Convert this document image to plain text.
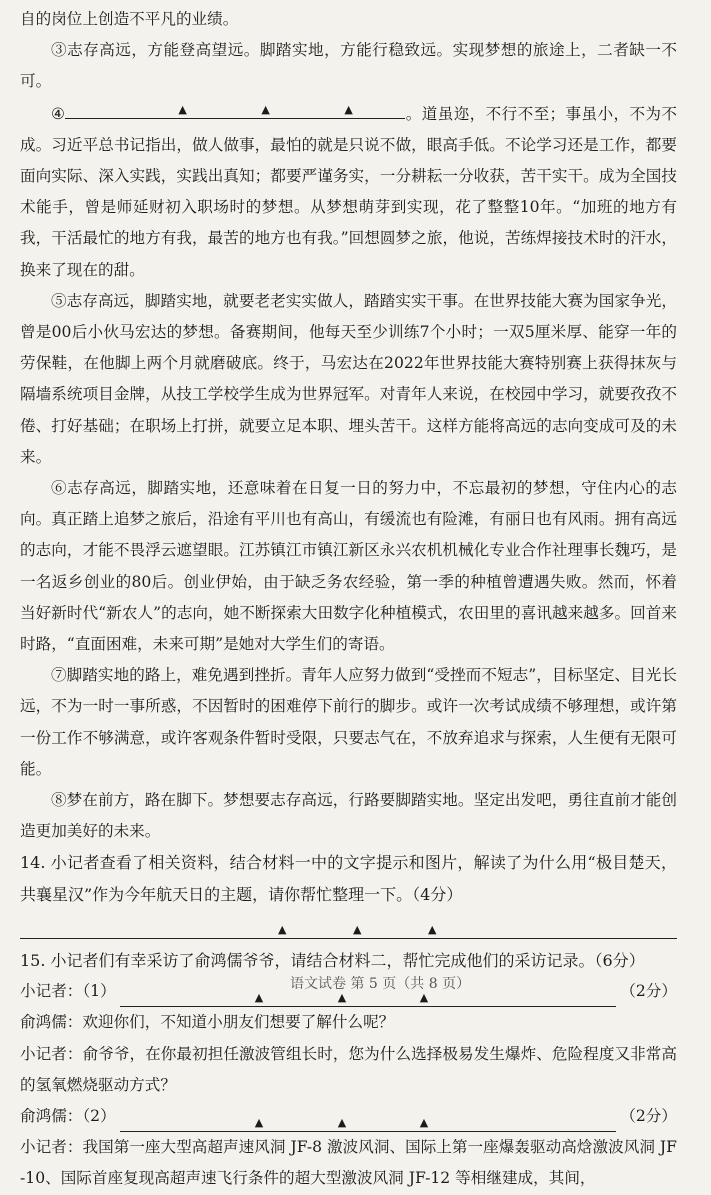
自的岗位上创造不平凡的业绩。

③志存高远，方能登高望远。脚踏实地，方能行稳致远。实现梦想的旅途上，二者缺一不可。

④	▲	▲	▲	。道虽迩，不行不至；事虽小，不为不成。习近平总书记指出，做人做事，最怕的就是只说不做，眼高手低。不论学习还是工作，都要面向实际、深入实践，实践出真知；都要严谨务实，一分耕耘一分收获，苦干实干。成为全国技术能手，曾是师延财初入职场时的梦想。从梦想萌芽到实现，花了整整10年。“加班的地方有我，干活最忙的地方有我，最苦的地方也有我。”回想圆梦之旅，他说，苦练焊接技术时的汗水，换来了现在的甜。

⑤志存高远，脚踏实地，就要老老实实做人，踏踏实实干事。在世界技能大赛为国家争光，曾是00后小伙马宏达的梦想。备赛期间，他每天至少训练7个小时；一双5厘米厚、能穿一年的劳保鞋，在他脚上两个月就磨破底。终于，马宏达在2022年世界技能大赛特别赛上获得抹灰与隔墙系统项目金牌，从技工学校学生成为世界冠军。对青年人来说，在校园中学习，就要孜孜不倦、打好基础；在职场上打拼，就要立足本职、埋头苦干。这样方能将高远的志向变成可及的未来。

⑥志存高远，脚踏实地，还意味着在日复一日的努力中，不忘最初的梦想，守住内心的志向。真正踏上追梦之旅后，沿途有平川也有高山，有缓流也有险滩，有丽日也有风雨。拥有高远的志向，才能不畏浮云遮望眼。江苏镇江市镇江新区永兴农机机械化专业合作社理事长魏巧，是一名返乡创业的80后。创业伊始，由于缺乏务农经验，第一季的种植曾遭遇失败。然而，怀着当好新时代“新农人”的志向，她不断探索大田数字化种植模式，农田里的喜讯越来越多。回首来时路，“直面困难，未来可期”是她对大学生们的寄语。

⑦脚踏实地的路上，难免遇到挫折。青年人应努力做到“受挫而不短志”，目标坚定、目光长远，不为一时一事所惑，不因暂时的困难停下前行的脚步。或许一次考试成绩不够理想，或许第一份工作不够满意，或许客观条件暂时受限，只要志气在，不放弃追求与探索，人生便有无限可能。

⑧梦在前方，路在脚下。梦想要志存高远，行路要脚踏实地。坚定出发吧，勇往直前才能创造更加美好的未来。

14. 小记者查看了相关资料，结合材料一中的文字提示和图片，解读了为什么用“极目楚天，共襄星汉”作为今年航天日的主题，请你帮忙整理一下。（4分）

▲	▲	▲

15. 小记者们有幸采访了俞鸿儒爷爷，请结合材料二，帮忙完成他们的采访记录。（6分）

小记者：（1）	▲	▲	▲	（2分）

俞鸿儒：欢迎你们，不知道小朋友们想要了解什么呢？

小记者：俞爷爷，在你最初担任激波管组长时，您为什么选择极易发生爆炸、危险程度又非常高的氢氧燃烧驱动方式？

俞鸿儒：（2）	▲	▲	▲	（2分）

小记者：我国第一座大型高超声速风洞 JF-8 激波风洞、国际上第一座爆轰驱动高焓激波风洞 JF-10、国际首座复现高超声速飞行条件的超大型激波风洞 JF-12 等相继建成，其间，

语文试卷 第 5 页（共 8 页）
